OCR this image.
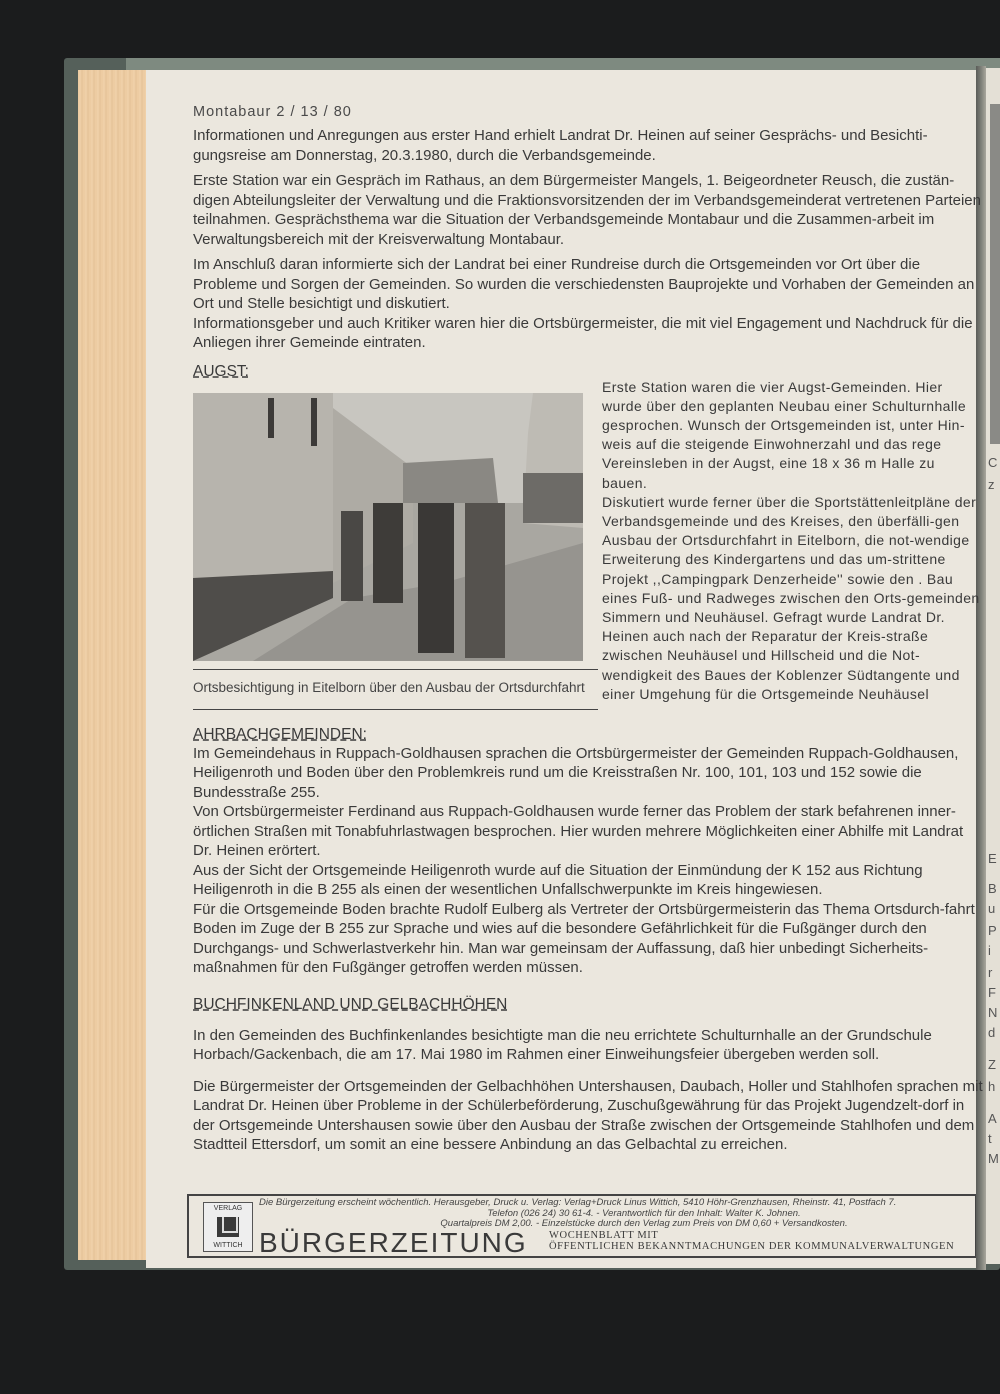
C
z
E
B
u
P
i
r
F
N
d
Z
h
A
t
M
Montabaur 2 / 13 / 80

Informationen und Anregungen aus erster Hand erhielt Landrat Dr. Heinen auf seiner Gesprächs- und Besichti-gungsreise am Donnerstag, 20.3.1980, durch die Verbandsgemeinde.

Erste Station war ein Gespräch im Rathaus, an dem Bürgermeister Mangels, 1. Beigeordneter Reusch, die zustän-digen Abteilungsleiter der Verwaltung und die Fraktionsvorsitzenden der im Verbandsgemeinderat vertretenen Parteien teilnahmen. Gesprächsthema war die Situation der Verbandsgemeinde Montabaur und die Zusammen-arbeit im Verwaltungsbereich mit der Kreisverwaltung Montabaur.

Im Anschluß daran informierte sich der Landrat bei einer Rundreise durch die Ortsgemeinden vor Ort über die Probleme und Sorgen der Gemeinden. So wurden die verschiedensten Bauprojekte und Vorhaben der Gemeinden an Ort und Stelle besichtigt und diskutiert.

Informationsgeber und auch Kritiker waren hier die Ortsbürgermeister, die mit viel Engagement und Nachdruck für die Anliegen ihrer Gemeinde eintraten.

AUGST:
Ortsbesichtigung in Eitelborn über den Ausbau der Ortsdurchfahrt

Erste Station waren die vier Augst-Gemeinden. Hier wurde über den geplanten Neubau einer Schulturnhalle gesprochen. Wunsch der Ortsgemeinden ist, unter Hin-weis auf die steigende Einwohnerzahl und das rege Vereinsleben in der Augst, eine 18 x 36 m Halle zu bauen.

Diskutiert wurde ferner über die Sportstättenleitpläne der Verbandsgemeinde und des Kreises, den überfälli-gen Ausbau der Ortsdurchfahrt in Eitelborn, die not-wendige Erweiterung des Kindergartens und das um-strittene Projekt ,,Campingpark Denzerheide'' sowie den . Bau eines Fuß- und Radweges zwischen den Orts-gemeinden Simmern und Neuhäusel. Gefragt wurde Landrat Dr. Heinen auch nach der Reparatur der Kreis-straße zwischen Neuhäusel und Hillscheid und die Not-wendigkeit des Baues der Koblenzer Südtangente und einer Umgehung für die Ortsgemeinde Neuhäusel

AHRBACHGEMEINDEN:

Im Gemeindehaus in Ruppach-Goldhausen sprachen die Ortsbürgermeister der Gemeinden Ruppach-Goldhausen, Heiligenroth und Boden über den Problemkreis rund um die Kreisstraßen Nr. 100, 101, 103 und 152 sowie die Bundesstraße 255.

Von Ortsbürgermeister Ferdinand aus Ruppach-Goldhausen wurde ferner das Problem der stark befahrenen inner-örtlichen Straßen mit Tonabfuhrlastwagen besprochen. Hier wurden mehrere Möglichkeiten einer Abhilfe mit Landrat Dr. Heinen erörtert.

Aus der Sicht der Ortsgemeinde Heiligenroth wurde auf die Situation der Einmündung der K 152 aus Richtung Heiligenroth in die B 255 als einen der wesentlichen Unfallschwerpunkte im Kreis hingewiesen.

Für die Ortsgemeinde Boden brachte Rudolf Eulberg als Vertreter der Ortsbürgermeisterin das Thema Ortsdurch-fahrt Boden im Zuge der B 255 zur Sprache und wies auf die besondere Gefährlichkeit für die Fußgänger durch den Durchgangs- und Schwerlastverkehr hin. Man war gemeinsam der Auffassung, daß hier unbedingt Sicherheits-maßnahmen für den Fußgänger getroffen werden müssen.

BUCHFINKENLAND UND GELBACHHÖHEN

In den Gemeinden des Buchfinkenlandes besichtigte man die neu errichtete Schulturnhalle an der Grundschule Horbach/Gackenbach, die am 17. Mai 1980 im Rahmen einer Einweihungsfeier übergeben werden soll.

Die Bürgermeister der Ortsgemeinden der Gelbachhöhen Untershausen, Daubach, Holler und Stahlhofen sprachen mit Landrat Dr. Heinen über Probleme in der Schülerbeförderung, Zuschußgewährung für das Projekt Jugendzelt-dorf in der Ortsgemeinde Untershausen sowie über den Ausbau der Straße zwischen der Ortsgemeinde Stahlhofen und dem Stadtteil Ettersdorf, um somit an eine bessere Anbindung an das Gelbachtal zu erreichen.

VERLAG
WITTICH
Die Bürgerzeitung erscheint wöchentlich. Herausgeber, Druck u. Verlag: Verlag+Druck Linus Wittich, 5410 Höhr-Grenzhausen, Rheinstr. 41, Postfach 7.
Telefon (026 24) 30 61-4. - Verantwortlich für den Inhalt: Walter K. Johnen.
Quartalpreis DM 2,00. - Einzelstücke durch den Verlag zum Preis von DM 0,60 + Versandkosten.
BÜRGERZEITUNG WOCHENBLATT MIT
ÖFFENTLICHEN BEKANNTMACHUNGEN DER KOMMUNALVERWALTUNGEN
